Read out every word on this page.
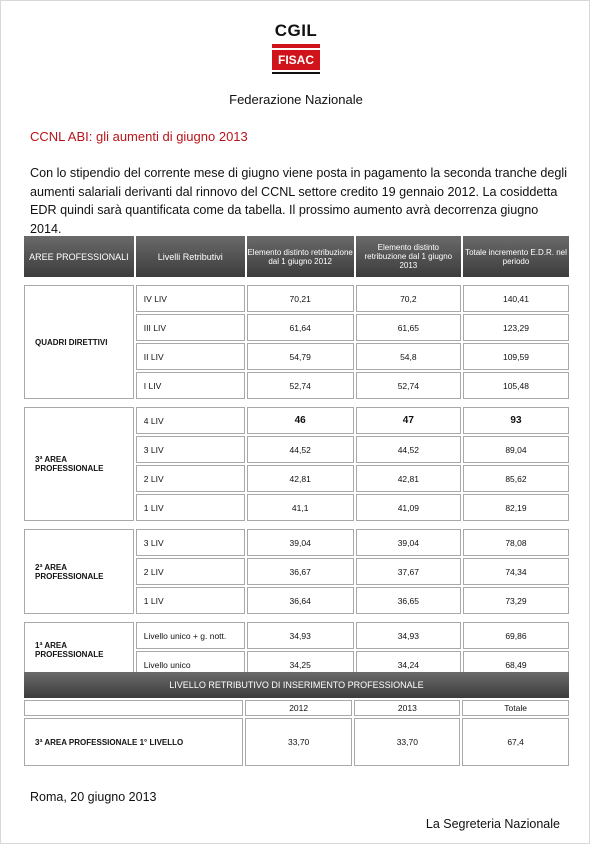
CGIL
FISAC
Federazione Nazionale
CCNL ABI: gli aumenti di giugno 2013

Con lo stipendio del corrente mese di giugno viene posta in pagamento la seconda tranche degli aumenti salariali derivanti dal rinnovo del CCNL settore credito 19 gennaio 2012. La cosiddetta EDR quindi sarà quantificata come da tabella. Il prossimo aumento avrà decorrenza giugno 2014.

AREE PROFESSIONALI	Livelli Retributivi	Elemento distinto retribuzione dal 1 giugno 2012	Elemento distinto retribuzione dal 1 giugno 2013	Totale incremento E.D.R. nel periodo

QUADRI DIRETTIVI	IV LIV	70,21	70,2	140,41
	III LIV	61,64	61,65	123,29
	II LIV	54,79	54,8	109,59
	I LIV	52,74	52,74	105,48

3ª AREA PROFESSIONALE	4 LIV	46	47	93
	3 LIV	44,52	44,52	89,04
	2 LIV	42,81	42,81	85,62
	1 LIV	41,1	41,09	82,19

2ª AREA PROFESSIONALE	3 LIV	39,04	39,04	78,08
	2 LIV	36,67	37,67	74,34
	1 LIV	36,64	36,65	73,29

1ª AREA PROFESSIONALE	Livello unico + g. nott.	34,93	34,93	69,86
	Livello unico	34,25	34,24	68,49
LIVELLO RETRIBUTIVO DI INSERIMENTO PROFESSIONALE			
	2012	2013	Totale
3ª AREA PROFESSIONALE 1° LIVELLO	33,70	33,70	67,4
Roma, 20 giugno 2013
La Segreteria Nazionale
